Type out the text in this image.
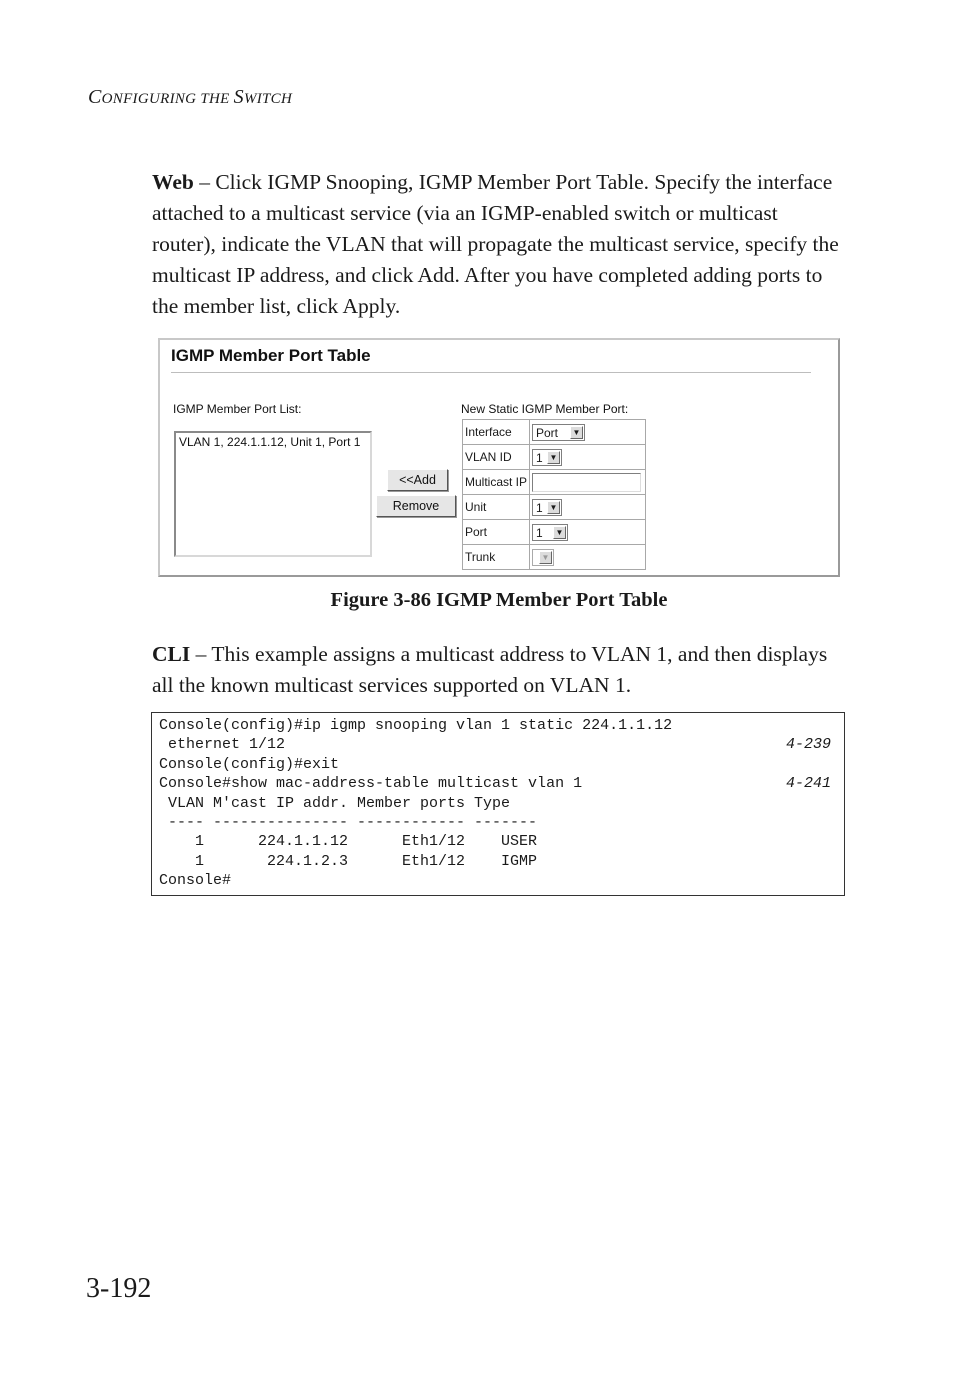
CONFIGURING THE SWITCH

Web – Click IGMP Snooping, IGMP Member Port Table. Specify the interface attached to a multicast service (via an IGMP-enabled switch or multicast router), indicate the VLAN that will propagate the multicast service, specify the multicast IP address, and click Add. After you have completed adding ports to the member list, click Apply.

IGMP Member Port Table
IGMP Member Port List:
VLAN 1, 224.1.1.12, Unit 1, Port 1
<<Add
Remove
New Static IGMP Member Port:
Interface	Port ▼

VLAN ID	1 ▼

Multicast IP	
Unit	1 ▼

Port	1 ▼

Trunk	▼
Figure 3-86 IGMP Member Port Table

CLI – This example assigns a multicast address to VLAN 1, and then displays all the known multicast services supported on VLAN 1.

Console(config)#ip igmp snooping vlan 1 static 224.1.1.12
ethernet 1/12	4-239
Console(config)#exit
Console#show mac-address-table multicast vlan 1	4-241
VLAN M'cast IP addr. Member ports Type
---- --------------- ------------ -------
1      224.1.1.12      Eth1/12    USER
1       224.1.2.3      Eth1/12    IGMP
Console#
3-192
